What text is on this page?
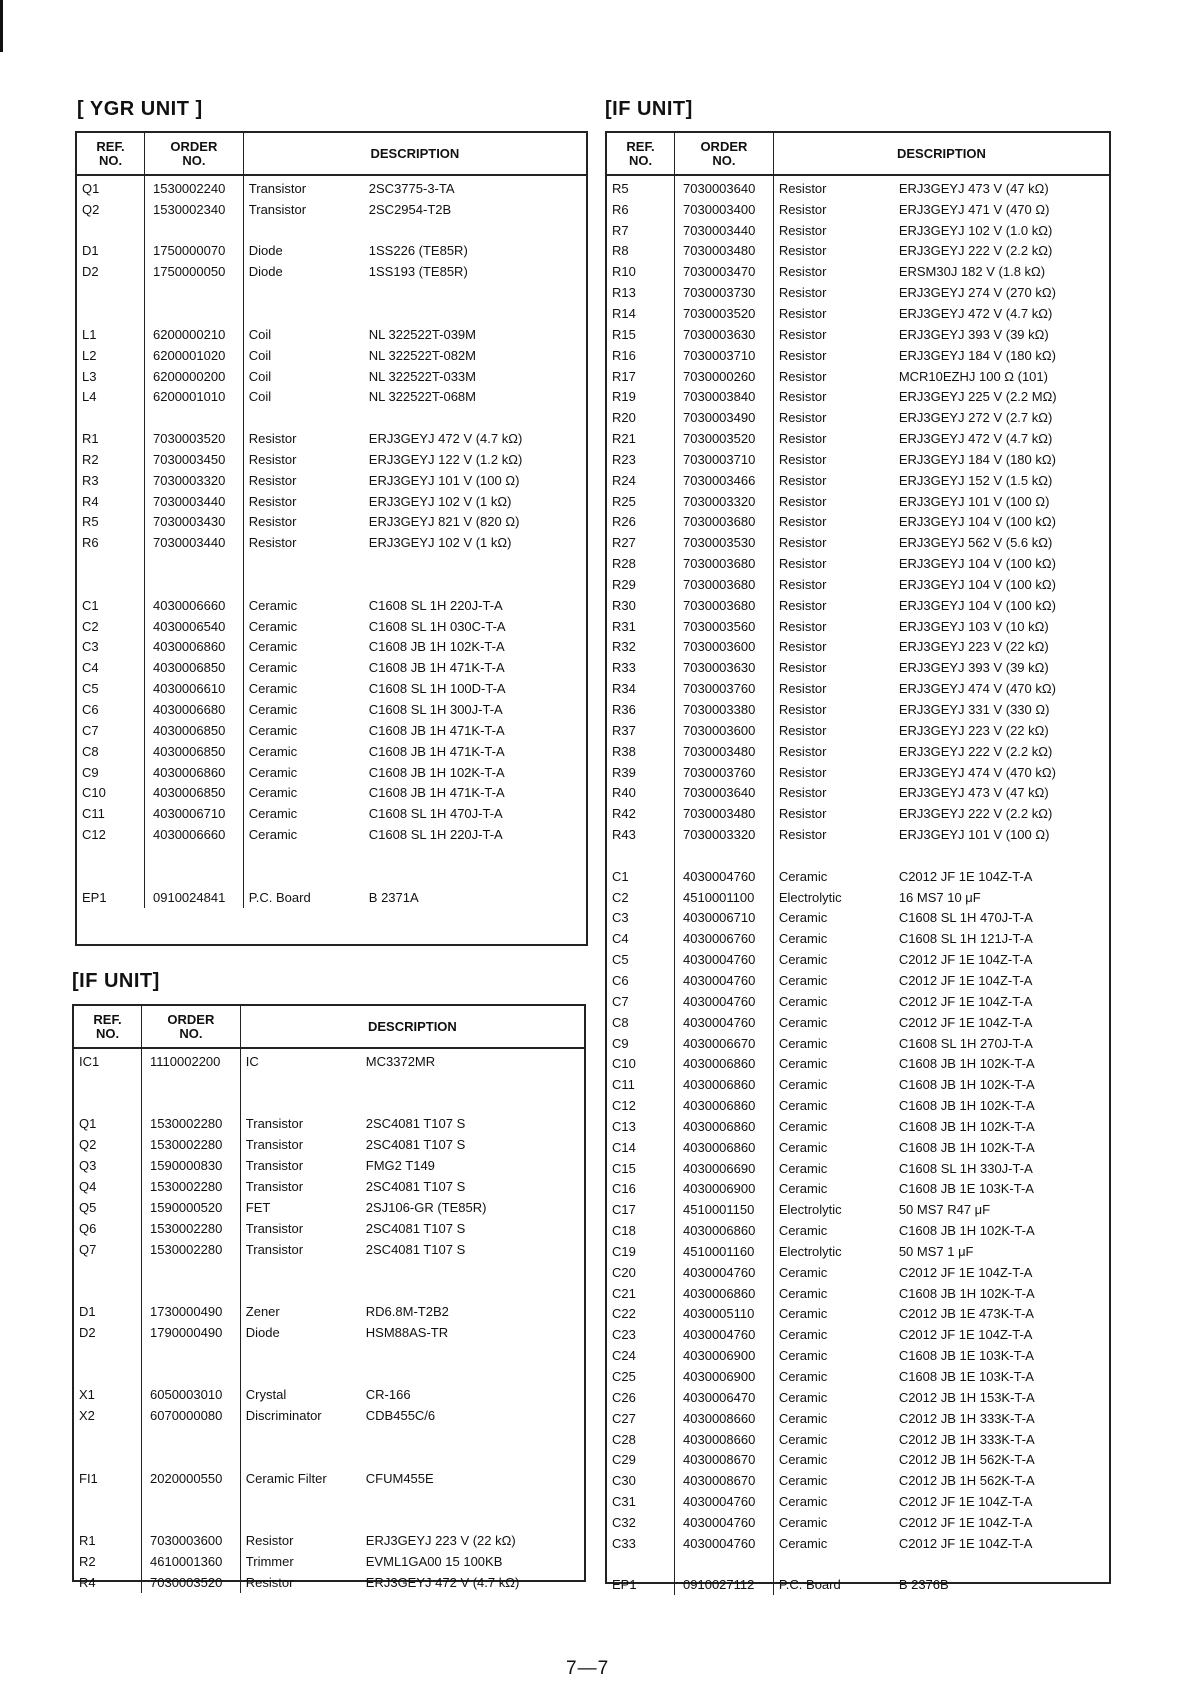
[ YGR UNIT ]
REF.
NO.	ORDER
NO.	DESCRIPTION
Q1	1530002240	Transistor 2SC3775-3-TA
Q2	1530002340	Transistor 2SC2954-T2B

D1	1750000070	Diode 1SS226 (TE85R)
D2	1750000050	Diode 1SS193 (TE85R)

L1	6200000210	Coil NL 322522T-039M
L2	6200001020	Coil NL 322522T-082M
L3	6200000200	Coil NL 322522T-033M
L4	6200001010	Coil NL 322522T-068M

R1	7030003520	Resistor ERJ3GEYJ 472 V (4.7 kΩ)
R2	7030003450	Resistor ERJ3GEYJ 122 V (1.2 kΩ)
R3	7030003320	Resistor ERJ3GEYJ 101 V (100 Ω)
R4	7030003440	Resistor ERJ3GEYJ 102 V (1 kΩ)
R5	7030003430	Resistor ERJ3GEYJ 821 V (820 Ω)
R6	7030003440	Resistor ERJ3GEYJ 102 V (1 kΩ)

C1	4030006660	Ceramic C1608 SL 1H 220J-T-A
C2	4030006540	Ceramic C1608 SL 1H 030C-T-A
C3	4030006860	Ceramic C1608 JB 1H 102K-T-A
C4	4030006850	Ceramic C1608 JB 1H 471K-T-A
C5	4030006610	Ceramic C1608 SL 1H 100D-T-A
C6	4030006680	Ceramic C1608 SL 1H 300J-T-A
C7	4030006850	Ceramic C1608 JB 1H 471K-T-A
C8	4030006850	Ceramic C1608 JB 1H 471K-T-A
C9	4030006860	Ceramic C1608 JB 1H 102K-T-A
C10	4030006850	Ceramic C1608 JB 1H 471K-T-A
C11	4030006710	Ceramic C1608 SL 1H 470J-T-A
C12	4030006660	Ceramic C1608 SL 1H 220J-T-A

EP1	0910024841	P.C. Board B 2371A
[IF UNIT]
REF.
NO.	ORDER
NO.	DESCRIPTION
IC1	1110002200	IC MC3372MR

Q1	1530002280	Transistor 2SC4081 T107 S
Q2	1530002280	Transistor 2SC4081 T107 S
Q3	1590000830	Transistor FMG2 T149
Q4	1530002280	Transistor 2SC4081 T107 S
Q5	1590000520	FET 2SJ106-GR (TE85R)
Q6	1530002280	Transistor 2SC4081 T107 S
Q7	1530002280	Transistor 2SC4081 T107 S

D1	1730000490	Zener RD6.8M-T2B2
D2	1790000490	Diode HSM88AS-TR

X1	6050003010	Crystal CR-166
X2	6070000080	Discriminator CDB455C/6

FI1	2020000550	Ceramic Filter CFUM455E

R1	7030003600	Resistor ERJ3GEYJ 223 V (22 kΩ)
R2	4610001360	Trimmer EVML1GA00 15 100KB
R4	7030003520	Resistor ERJ3GEYJ 472 V (4.7 kΩ)
[IF UNIT]
REF.
NO.	ORDER
NO.	DESCRIPTION
R5	7030003640	Resistor ERJ3GEYJ 473 V (47 kΩ)
R6	7030003400	Resistor ERJ3GEYJ 471 V (470 Ω)
R7	7030003440	Resistor ERJ3GEYJ 102 V (1.0 kΩ)
R8	7030003480	Resistor ERJ3GEYJ 222 V (2.2 kΩ)
R10	7030003470	Resistor ERSM30J 182 V (1.8 kΩ)
R13	7030003730	Resistor ERJ3GEYJ 274 V (270 kΩ)
R14	7030003520	Resistor ERJ3GEYJ 472 V (4.7 kΩ)
R15	7030003630	Resistor ERJ3GEYJ 393 V (39 kΩ)
R16	7030003710	Resistor ERJ3GEYJ 184 V (180 kΩ)
R17	7030000260	Resistor MCR10EZHJ 100 Ω (101)
R19	7030003840	Resistor ERJ3GEYJ 225 V (2.2 MΩ)
R20	7030003490	Resistor ERJ3GEYJ 272 V (2.7 kΩ)
R21	7030003520	Resistor ERJ3GEYJ 472 V (4.7 kΩ)
R23	7030003710	Resistor ERJ3GEYJ 184 V (180 kΩ)
R24	7030003466	Resistor ERJ3GEYJ 152 V (1.5 kΩ)
R25	7030003320	Resistor ERJ3GEYJ 101 V (100 Ω)
R26	7030003680	Resistor ERJ3GEYJ 104 V (100 kΩ)
R27	7030003530	Resistor ERJ3GEYJ 562 V (5.6 kΩ)
R28	7030003680	Resistor ERJ3GEYJ 104 V (100 kΩ)
R29	7030003680	Resistor ERJ3GEYJ 104 V (100 kΩ)
R30	7030003680	Resistor ERJ3GEYJ 104 V (100 kΩ)
R31	7030003560	Resistor ERJ3GEYJ 103 V (10 kΩ)
R32	7030003600	Resistor ERJ3GEYJ 223 V (22 kΩ)
R33	7030003630	Resistor ERJ3GEYJ 393 V (39 kΩ)
R34	7030003760	Resistor ERJ3GEYJ 474 V (470 kΩ)
R36	7030003380	Resistor ERJ3GEYJ 331 V (330 Ω)
R37	7030003600	Resistor ERJ3GEYJ 223 V (22 kΩ)
R38	7030003480	Resistor ERJ3GEYJ 222 V (2.2 kΩ)
R39	7030003760	Resistor ERJ3GEYJ 474 V (470 kΩ)
R40	7030003640	Resistor ERJ3GEYJ 473 V (47 kΩ)
R42	7030003480	Resistor ERJ3GEYJ 222 V (2.2 kΩ)
R43	7030003320	Resistor ERJ3GEYJ 101 V (100 Ω)

C1	4030004760	Ceramic C2012 JF 1E 104Z-T-A
C2	4510001100	Electrolytic 16 MS7 10 μF
C3	4030006710	Ceramic C1608 SL 1H 470J-T-A
C4	4030006760	Ceramic C1608 SL 1H 121J-T-A
C5	4030004760	Ceramic C2012 JF 1E 104Z-T-A
C6	4030004760	Ceramic C2012 JF 1E 104Z-T-A
C7	4030004760	Ceramic C2012 JF 1E 104Z-T-A
C8	4030004760	Ceramic C2012 JF 1E 104Z-T-A
C9	4030006670	Ceramic C1608 SL 1H 270J-T-A
C10	4030006860	Ceramic C1608 JB 1H 102K-T-A
C11	4030006860	Ceramic C1608 JB 1H 102K-T-A
C12	4030006860	Ceramic C1608 JB 1H 102K-T-A
C13	4030006860	Ceramic C1608 JB 1H 102K-T-A
C14	4030006860	Ceramic C1608 JB 1H 102K-T-A
C15	4030006690	Ceramic C1608 SL 1H 330J-T-A
C16	4030006900	Ceramic C1608 JB 1E 103K-T-A
C17	4510001150	Electrolytic 50 MS7 R47 μF
C18	4030006860	Ceramic C1608 JB 1H 102K-T-A
C19	4510001160	Electrolytic 50 MS7 1 μF
C20	4030004760	Ceramic C2012 JF 1E 104Z-T-A
C21	4030006860	Ceramic C1608 JB 1H 102K-T-A
C22	4030005110	Ceramic C2012 JB 1E 473K-T-A
C23	4030004760	Ceramic C2012 JF 1E 104Z-T-A
C24	4030006900	Ceramic C1608 JB 1E 103K-T-A
C25	4030006900	Ceramic C1608 JB 1E 103K-T-A
C26	4030006470	Ceramic C2012 JB 1H 153K-T-A
C27	4030008660	Ceramic C2012 JB 1H 333K-T-A
C28	4030008660	Ceramic C2012 JB 1H 333K-T-A
C29	4030008670	Ceramic C2012 JB 1H 562K-T-A
C30	4030008670	Ceramic C2012 JB 1H 562K-T-A
C31	4030004760	Ceramic C2012 JF 1E 104Z-T-A
C32	4030004760	Ceramic C2012 JF 1E 104Z-T-A
C33	4030004760	Ceramic C2012 JF 1E 104Z-T-A

EP1	0910027112	P.C. Board B 2376B
7—7
